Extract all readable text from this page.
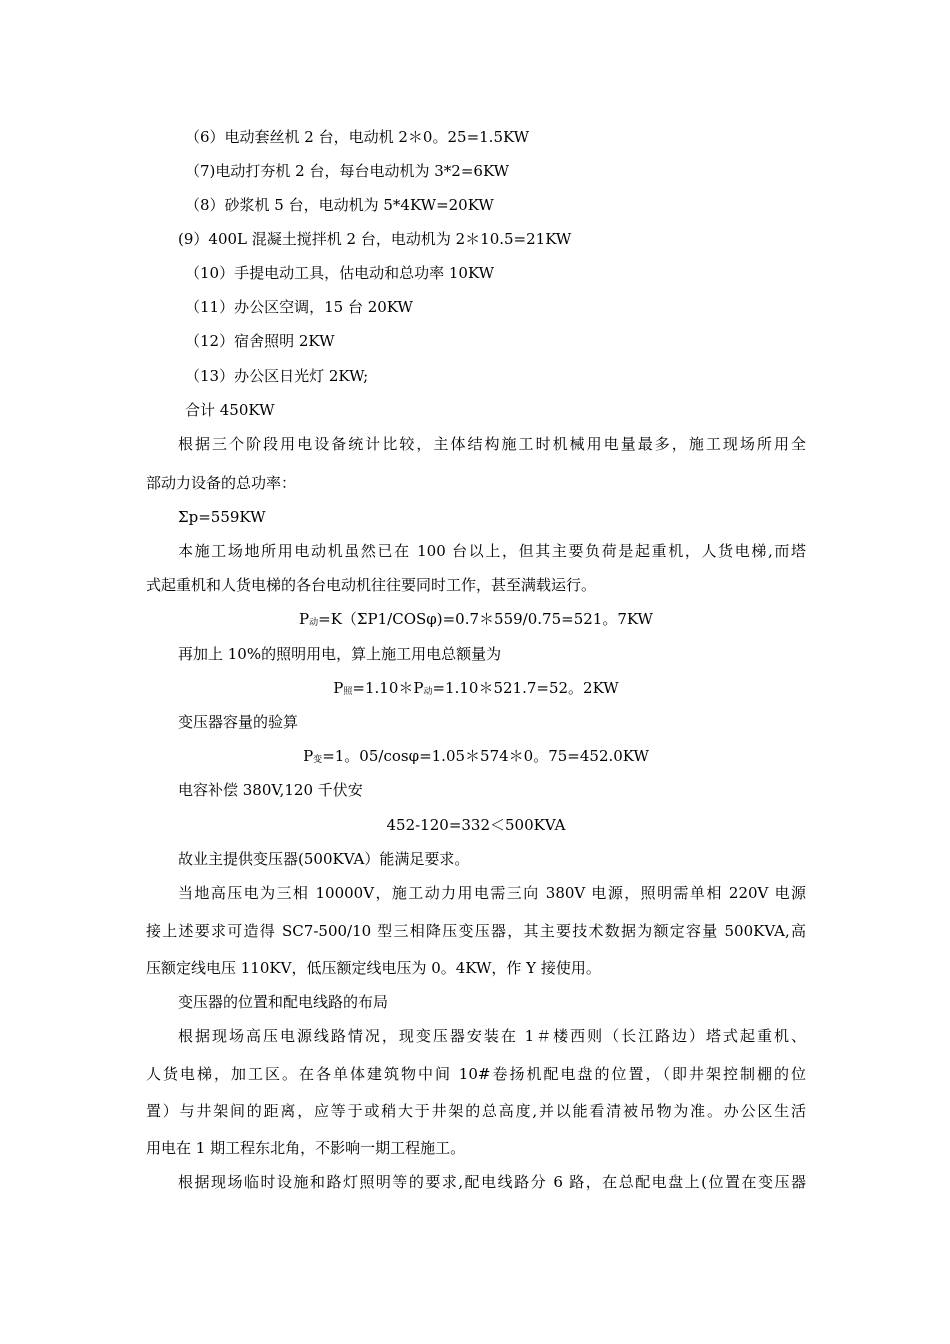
（6）电动套丝机 2 台，电动机 2＊0。25=1.5KW
（7)电动打夯机 2 台，每台电动机为 3*2=6KW
（8）砂浆机 5 台，电动机为 5*4KW=20KW
(9）400L 混凝土搅拌机 2 台，电动机为 2＊10.5=21KW
（10）手提电动工具，估电动和总功率 10KW
（11）办公区空调，15 台 20KW
（12）宿舍照明 2KW
（13）办公区日光灯 2KW;
合计 450KW
根据三个阶段用电设备统计比较，主体结构施工时机械用电量最多，施工现场所用全
部动力设备的总功率：
Σp=559KW
本施工场地所用电动机虽然已在 100 台以上，但其主要负荷是起重机，人货电梯,而塔
式起重机和人货电梯的各台电动机往往要同时工作，甚至满载运行。
$P_动=K(\Sigma P1/COS\varphi)=0.7*559/0.75=521$。7KW
再加上 10%的照明用电，算上施工用电总额量为
$P_照=1.10*P_动=1.10*521.7=52$。2KW
变压器容量的验算
$P_变=1$。05/cosφ=1.05＊574＊0。75=452.0KW
电容补偿 380V,120 千伏安
452-120=332＜500KVA
故业主提供变压器(500KVA）能满足要求。
当地高压电为三相 10000V，施工动力用电需三向 380V 电源，照明需单相 220V 电源
接上述要求可造得 SC7-500/10 型三相降压变压器，其主要技术数据为额定容量 500KVA,高
压额定线电压 110KV，低压额定线电压为 0。4KW，作 Y 接使用。
变压器的位置和配电线路的布局
根据现场高压电源线路情况，现变压器安装在 1＃楼西则（长江路边）塔式起重机、
人货电梯，加工区。在各单体建筑物中间 10#卷扬机配电盘的位置，（即井架控制棚的位
置）与井架间的距离，应等于或稍大于井架的总高度,并以能看清被吊物为准。办公区生活
用电在 1 期工程东北角，不影响一期工程施工。
根据现场临时设施和路灯照明等的要求,配电线路分 6 路，在总配电盘上(位置在变压器
